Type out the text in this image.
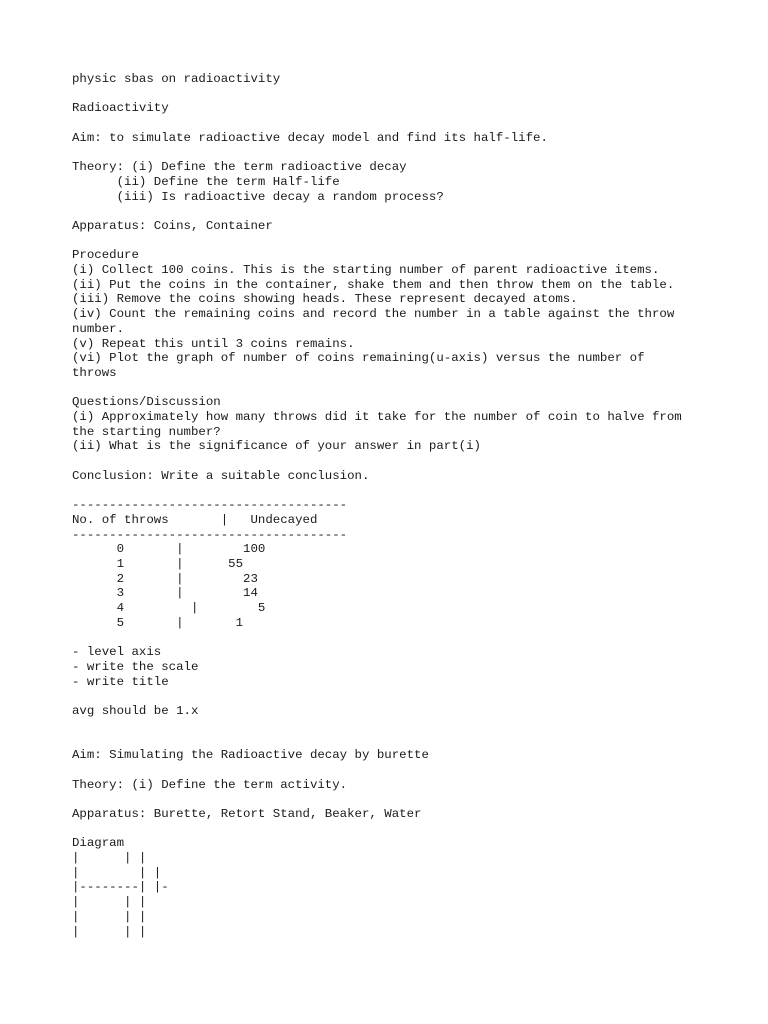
physic sbas on radioactivity
Radioactivity
Aim: to simulate radioactive decay model and find its half-life.
Theory: (i) Define the term radioactive decay
(ii) Define the term Half-life
(iii) Is radioactive decay a random process?
Apparatus: Coins, Container
Procedure
(i) Collect 100 coins. This is the starting number of parent radioactive items.
(ii) Put the coins in the container, shake them and then throw them on the table.
(iii) Remove the coins showing heads. These represent decayed atoms.
(iv) Count the remaining coins and record the number in a table against the throw
number.
(v) Repeat this until 3 coins remains.
(vi) Plot the graph of number of coins remaining(u-axis) versus the number of
throws
Questions/Discussion
(i) Approximately how many throws did it take for the number of coin to halve from
the starting number?
(ii) What is the significance of your answer in part(i)
Conclusion: Write a suitable conclusion.
-------------------------------------
No. of throws       |   Undecayed
-------------------------------------
0       |        100
1       |      55
2       |        23
3       |        14
4         |        5
5       |       1
- level axis
- write the scale
- write title
avg should be 1.x
Aim: Simulating the Radioactive decay by burette
Theory: (i) Define the term activity.
Apparatus: Burette, Retort Stand, Beaker, Water
Diagram
|      | |
|        | |
|--------| |-
|      | |
|      | |
|      | |
